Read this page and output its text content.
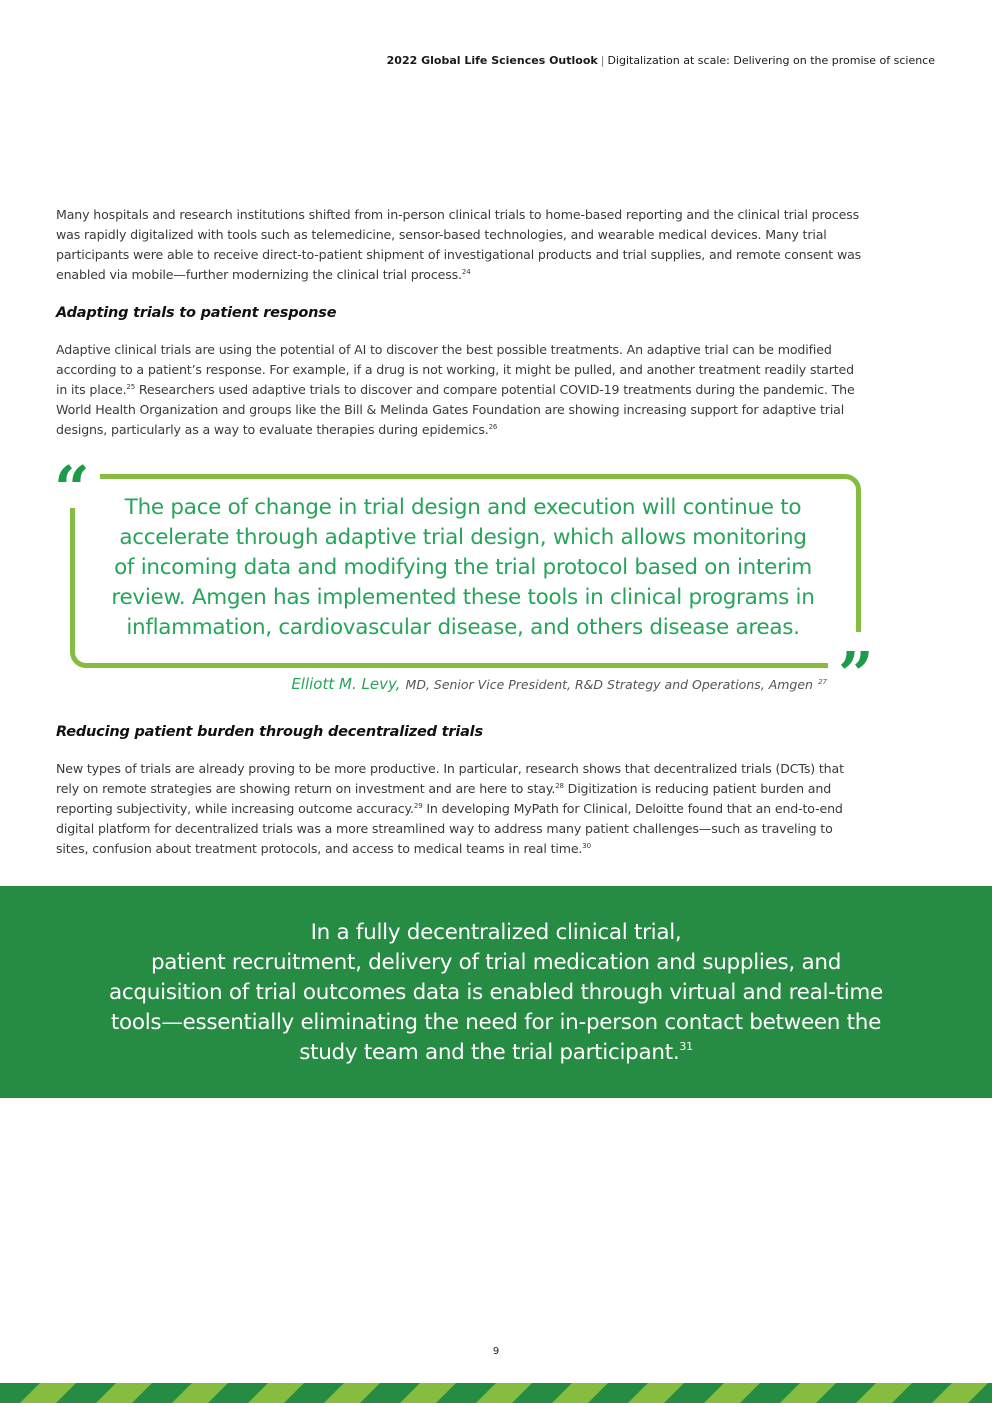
2022 Global Life Sciences Outlook | Digitalization at scale: Delivering on the promise of science

Many hospitals and research institutions shifted from in-person clinical trials to home-based reporting and the clinical trial process was rapidly digitalized with tools such as telemedicine, sensor-based technologies, and wearable medical devices. Many trial participants were able to receive direct-to-patient shipment of investigational products and trial supplies, and remote consent was enabled via mobile—further modernizing the clinical trial process.$^{24}$

Adapting trials to patient response

Adaptive clinical trials are using the potential of AI to discover the best possible treatments. An adaptive trial can be modified according to a patient’s response. For example, if a drug is not working, it might be pulled, and another treatment readily started in its place.$^{25}$ Researchers used adaptive trials to discover and compare potential COVID-19 treatments during the pandemic. The World Health Organization and groups like the Bill & Melinda Gates Foundation are showing increasing support for adaptive trial designs, particularly as a way to evaluate therapies during epidemics.$^{26}$

“
”

The pace of change in trial design and execution will continue to accelerate through adaptive trial design, which allows monitoring of incoming data and modifying the trial protocol based on interim review. Amgen has implemented these tools in clinical programs in inflammation, cardiovascular disease, and others disease areas.

Elliott M. Levy, MD, Senior Vice President, R&D Strategy and Operations, Amgen $^{27}$
Reducing patient burden through decentralized trials

New types of trials are already proving to be more productive. In particular, research shows that decentralized trials (DCTs) that rely on remote strategies are showing return on investment and are here to stay.$^{28}$ Digitization is reducing patient burden and reporting subjectivity, while increasing outcome accuracy.$^{29}$ In developing MyPath for Clinical, Deloitte found that an end-to-end digital platform for decentralized trials was a more streamlined way to address many patient challenges—such as traveling to sites, confusion about treatment protocols, and access to medical teams in real time.$^{30}$

In a fully decentralized clinical trial,
patient recruitment, delivery of trial medication and supplies, and acquisition of trial outcomes data is enabled through virtual and real-time tools—essentially eliminating the need for in-person contact between the study team and the trial participant.$^{31}$

9
